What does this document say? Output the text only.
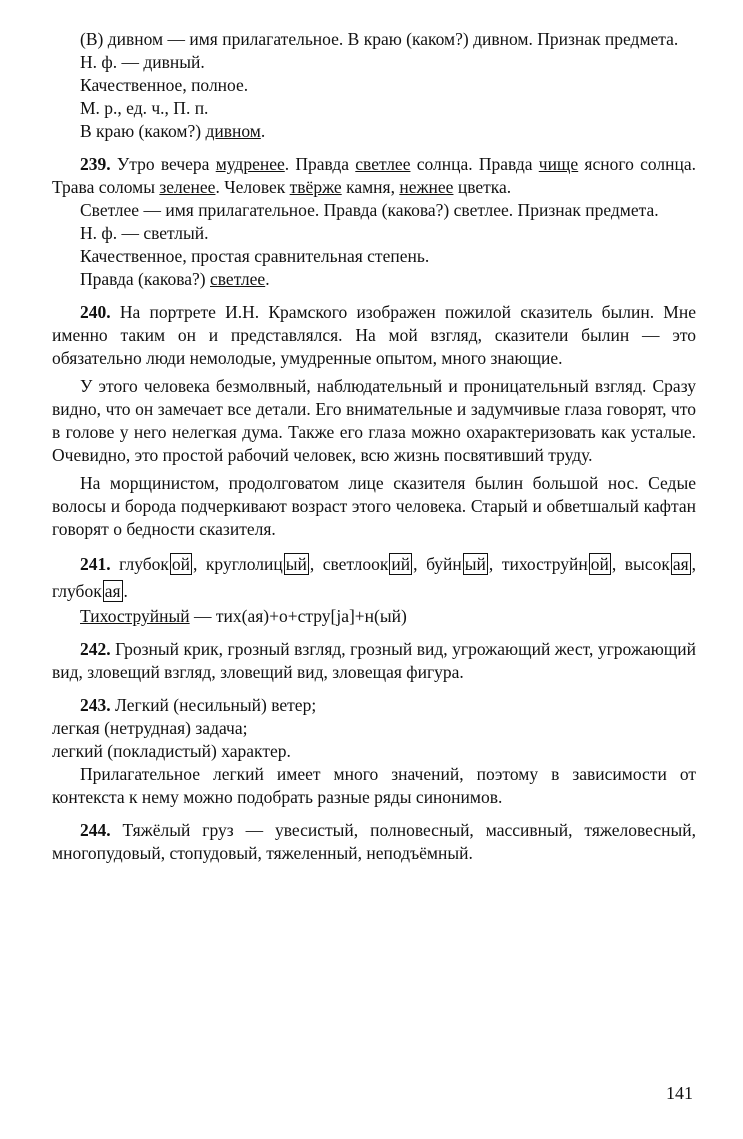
(В) дивном — имя прилагательное. В краю (каком?) дивном. Признак предмета.

Н. ф. — дивный.

Качественное, полное.

М. р., ед. ч., П. п.

В краю (каком?) дивном.

239. Утро вечера мудренее. Правда светлее солнца. Правда чище ясного солнца. Трава соломы зеленее. Человек твёрже камня, нежнее цветка.

Светлее — имя прилагательное. Правда (какова?) светлее. Признак предмета.

Н. ф. — светлый.

Качественное, простая сравнительная степень.

Правда (какова?) светлее.

240. На портрете И.Н. Крамского изображен пожилой сказитель былин. Мне именно таким он и представлялся. На мой взгляд, сказители былин — это обязательно люди немолодые, умудренные опытом, много знающие.

У этого человека безмолвный, наблюдательный и проницательный взгляд. Сразу видно, что он замечает все детали. Его внимательные и задумчивые глаза говорят, что в голове у него нелегкая дума. Также его глаза можно охарактеризовать как усталые. Очевидно, это простой рабочий человек, всю жизнь посвятивший труду.

На морщинистом, продолговатом лице сказителя былин большой нос. Седые волосы и борода подчеркивают возраст этого человека. Старый и обветшалый кафтан говорят о бедности сказителя.

241. глубок ой , круглолиц ый , светлоок ий , буйн ый , тихоструйн ой , высок ая , глубок ая .

Тихоструйный — тих(ая)+о+стру[ja]+н(ый)

242. Грозный крик, грозный взгляд, грозный вид, угрожающий жест, угрожающий вид, зловещий взгляд, зловещий вид, зловещая фигура.

243. Легкий (несильный) ветер;

легкая (нетрудная) задача;

легкий (покладистый) характер.

Прилагательное легкий имеет много значений, поэтому в зависимости от контекста к нему можно подобрать разные ряды синонимов.

244. Тяжёлый груз — увесистый, полновесный, массивный, тяжеловесный, многопудовый, стопудовый, тяжеленный, неподъёмный.

141
